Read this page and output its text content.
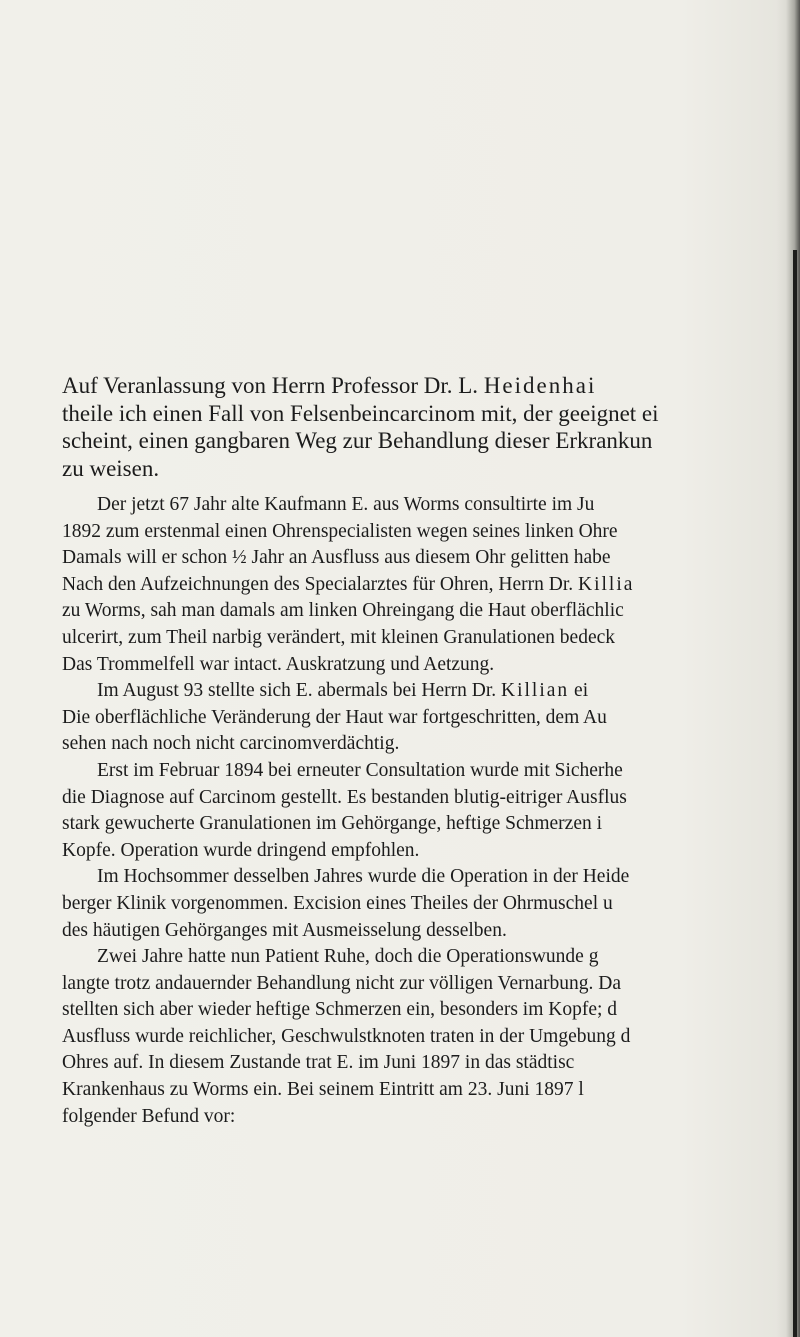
Auf Veranlassung von Herrn Professor Dr. L. Heidenhai

theile ich einen Fall von Felsenbeincarcinom mit, der geeignet ei

scheint, einen gangbaren Weg zur Behandlung dieser Erkrankun

zu weisen.

Der jetzt 67 Jahr alte Kaufmann E. aus Worms consultirte im Ju

1892 zum erstenmal einen Ohrenspecialisten wegen seines linken Ohre

Damals will er schon ½ Jahr an Ausfluss aus diesem Ohr gelitten habe

Nach den Aufzeichnungen des Specialarztes für Ohren, Herrn Dr. Killia

zu Worms, sah man damals am linken Ohreingang die Haut oberflächlic

ulcerirt, zum Theil narbig verändert, mit kleinen Granulationen bedeck

Das Trommelfell war intact. Auskratzung und Aetzung.

Im August 93 stellte sich E. abermals bei Herrn Dr. Killian ei

Die oberflächliche Veränderung der Haut war fortgeschritten, dem Au

sehen nach noch nicht carcinomverdächtig.

Erst im Februar 1894 bei erneuter Consultation wurde mit Sicherhe

die Diagnose auf Carcinom gestellt. Es bestanden blutig-eitriger Ausflus

stark gewucherte Granulationen im Gehörgange, heftige Schmerzen i

Kopfe. Operation wurde dringend empfohlen.

Im Hochsommer desselben Jahres wurde die Operation in der Heide

berger Klinik vorgenommen. Excision eines Theiles der Ohrmuschel u

des häutigen Gehörganges mit Ausmeisselung desselben.

Zwei Jahre hatte nun Patient Ruhe, doch die Operationswunde g

langte trotz andauernder Behandlung nicht zur völligen Vernarbung. Da

stellten sich aber wieder heftige Schmerzen ein, besonders im Kopfe; d

Ausfluss wurde reichlicher, Geschwulstknoten traten in der Umgebung d

Ohres auf. In diesem Zustande trat E. im Juni 1897 in das städtisc

Krankenhaus zu Worms ein. Bei seinem Eintritt am 23. Juni 1897 l

folgender Befund vor:
